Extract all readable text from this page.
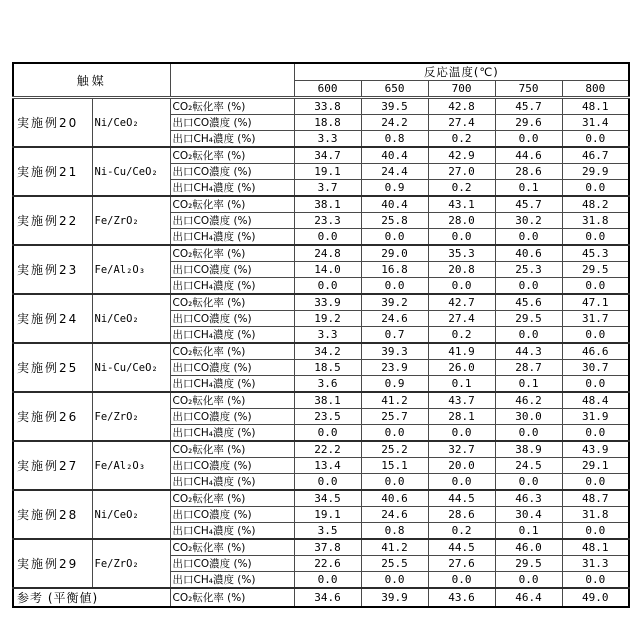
触媒			反応温度(℃)				
			600	650	700	750	800
実施例20	Ni/CeO₂	CO₂転化率 (%)	33.8	39.5	42.8	45.7	48.1
		出口CO濃度 (%)	18.8	24.2	27.4	29.6	31.4
		出口CH₄濃度 (%)	3.3	0.8	0.2	0.0	0.0
実施例21	Ni-Cu/CeO₂	CO₂転化率 (%)	34.7	40.4	42.9	44.6	46.7
		出口CO濃度 (%)	19.1	24.4	27.0	28.6	29.9
		出口CH₄濃度 (%)	3.7	0.9	0.2	0.1	0.0
実施例22	Fe/ZrO₂	CO₂転化率 (%)	38.1	40.4	43.1	45.7	48.2
		出口CO濃度 (%)	23.3	25.8	28.0	30.2	31.8
		出口CH₄濃度 (%)	0.0	0.0	0.0	0.0	0.0
実施例23	Fe/Al₂O₃	CO₂転化率 (%)	24.8	29.0	35.3	40.6	45.3
		出口CO濃度 (%)	14.0	16.8	20.8	25.3	29.5
		出口CH₄濃度 (%)	0.0	0.0	0.0	0.0	0.0
実施例24	Ni/CeO₂	CO₂転化率 (%)	33.9	39.2	42.7	45.6	47.1
		出口CO濃度 (%)	19.2	24.6	27.4	29.5	31.7
		出口CH₄濃度 (%)	3.3	0.7	0.2	0.0	0.0
実施例25	Ni-Cu/CeO₂	CO₂転化率 (%)	34.2	39.3	41.9	44.3	46.6
		出口CO濃度 (%)	18.5	23.9	26.0	28.7	30.7
		出口CH₄濃度 (%)	3.6	0.9	0.1	0.1	0.0
実施例26	Fe/ZrO₂	CO₂転化率 (%)	38.1	41.2	43.7	46.2	48.4
		出口CO濃度 (%)	23.5	25.7	28.1	30.0	31.9
		出口CH₄濃度 (%)	0.0	0.0	0.0	0.0	0.0
実施例27	Fe/Al₂O₃	CO₂転化率 (%)	22.2	25.2	32.7	38.9	43.9
		出口CO濃度 (%)	13.4	15.1	20.0	24.5	29.1
		出口CH₄濃度 (%)	0.0	0.0	0.0	0.0	0.0
実施例28	Ni/CeO₂	CO₂転化率 (%)	34.5	40.6	44.5	46.3	48.7
		出口CO濃度 (%)	19.1	24.6	28.6	30.4	31.8
		出口CH₄濃度 (%)	3.5	0.8	0.2	0.1	0.0
実施例29	Fe/ZrO₂	CO₂転化率 (%)	37.8	41.2	44.5	46.0	48.1
		出口CO濃度 (%)	22.6	25.5	27.6	29.5	31.3
		出口CH₄濃度 (%)	0.0	0.0	0.0	0.0	0.0
参考 (平衡値)		CO₂転化率 (%)	34.6	39.9	43.6	46.4	49.0
